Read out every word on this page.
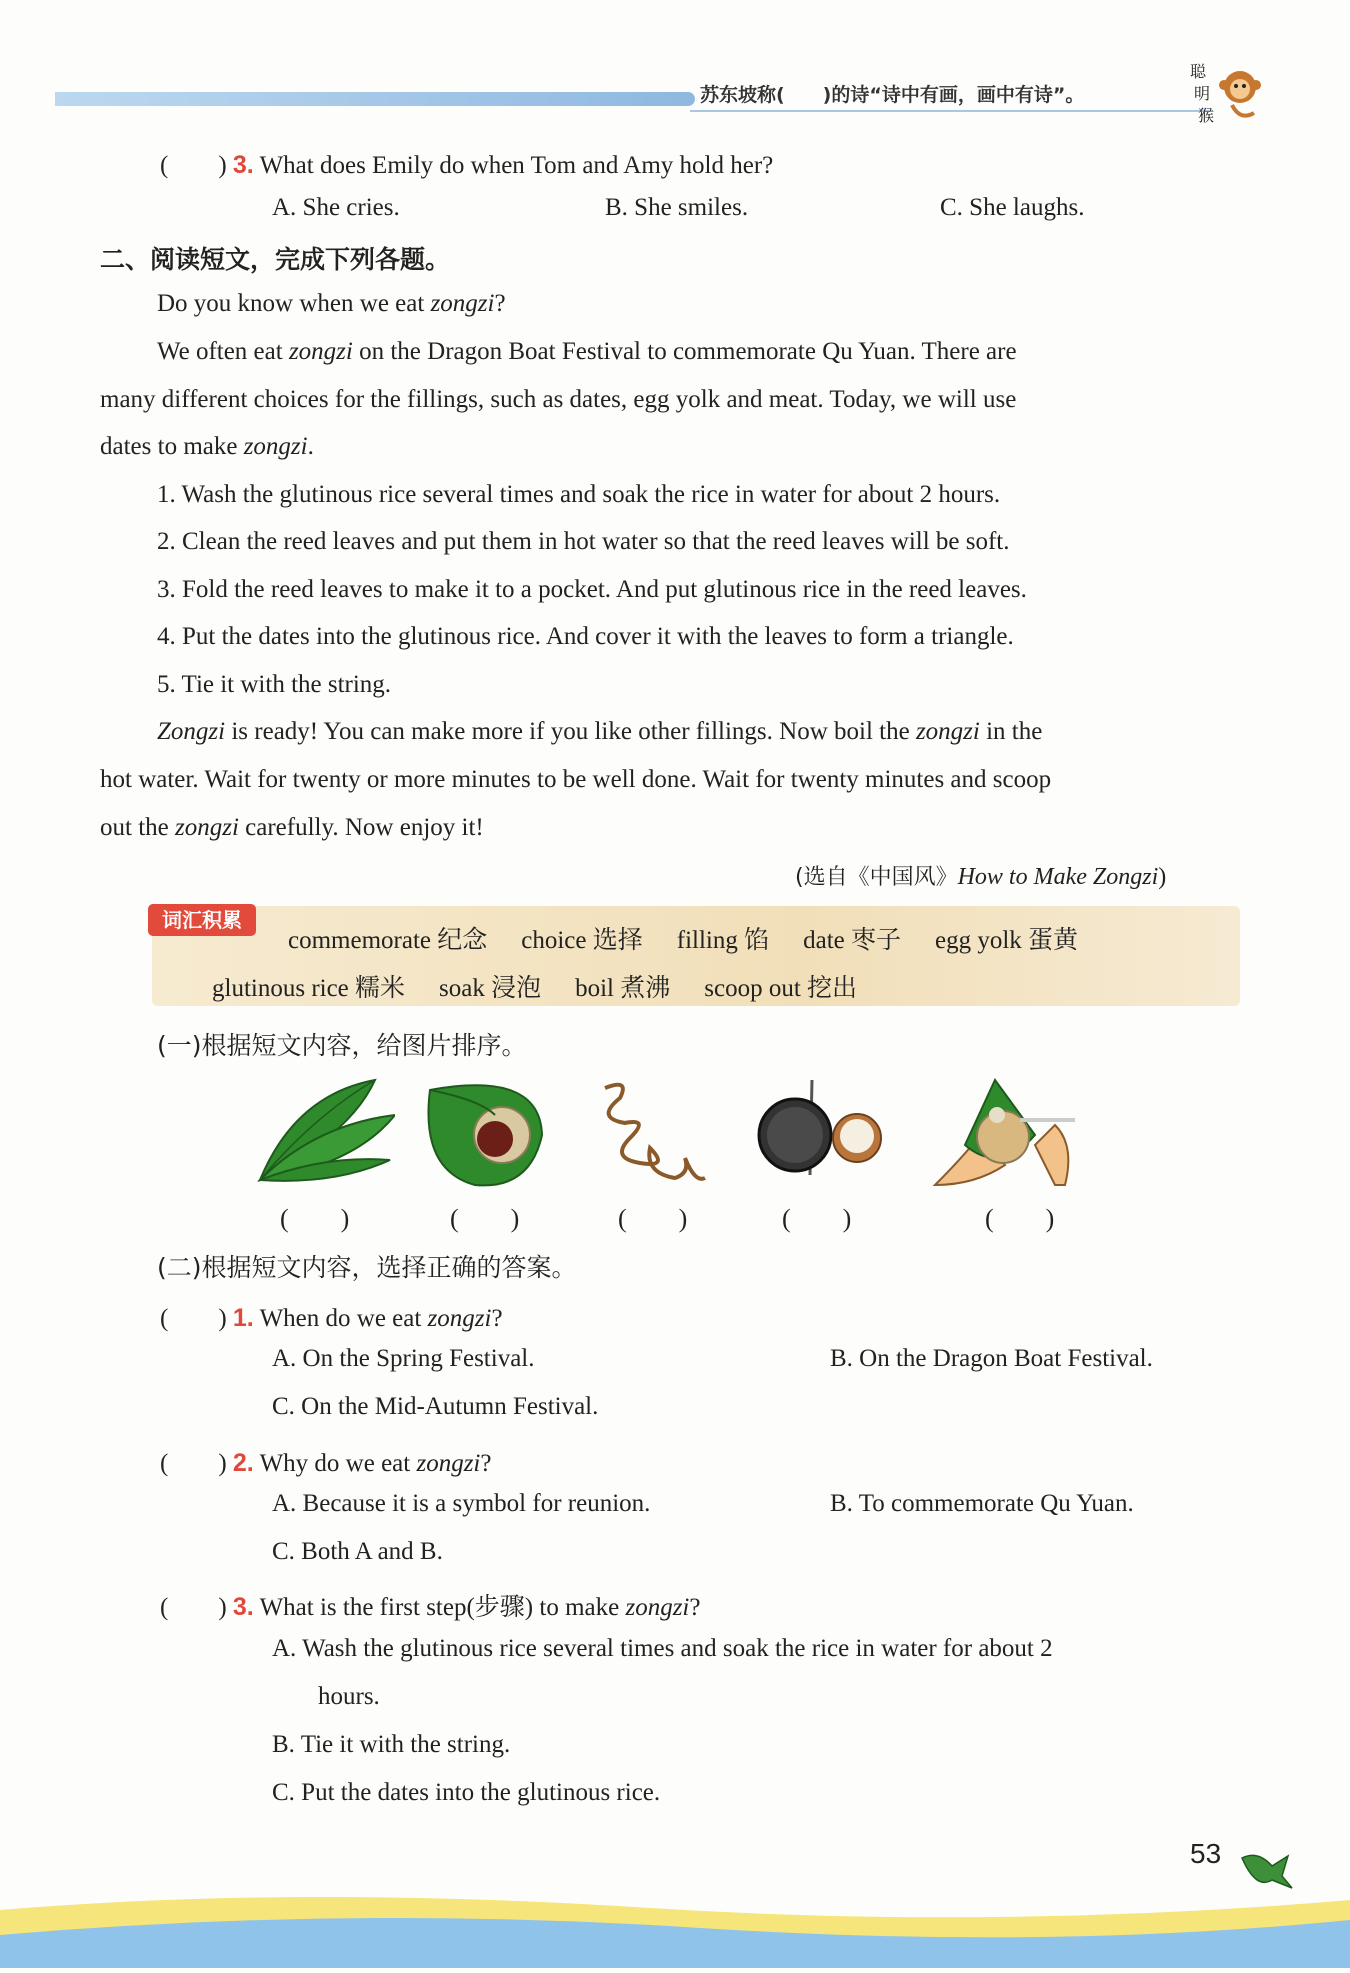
苏东坡称(　　)的诗“诗中有画，画中有诗”。
聪
明
猴
(　　) 3. What does Emily do when Tom and Amy hold her?
A. She cries.	B. She smiles.	C. She laughs.
二、阅读短文，完成下列各题。
Do you know when we eat zongzi?
We often eat zongzi on the Dragon Boat Festival to commemorate Qu Yuan. There are
many different choices for the fillings, such as dates, egg yolk and meat. Today, we will use
dates to make zongzi.
1. Wash the glutinous rice several times and soak the rice in water for about 2 hours.
2. Clean the reed leaves and put them in hot water so that the reed leaves will be soft.
3. Fold the reed leaves to make it to a pocket. And put glutinous rice in the reed leaves.
4. Put the dates into the glutinous rice. And cover it with the leaves to form a triangle.
5. Tie it with the string.
Zongzi is ready! You can make more if you like other fillings. Now boil the zongzi in the
hot water. Wait for twenty or more minutes to be well done. Wait for twenty minutes and scoop
out the zongzi carefully. Now enjoy it!
(选自《中国风》How to Make Zongzi)
词汇积累
commemorate 纪念 choice 选择 filling 馅 date 枣子 egg yolk 蛋黄
glutinous rice 糯米 soak 浸泡 boil 煮沸 scoop out 挖出
(一)根据短文内容，给图片排序。
(　　)	(　　)	(　　)	(　　)	(　　)
(二)根据短文内容，选择正确的答案。
(　　) 1. When do we eat zongzi?
A. On the Spring Festival.	B. On the Dragon Boat Festival.
C. On the Mid-Autumn Festival.
(　　) 2. Why do we eat zongzi?
A. Because it is a symbol for reunion.	B. To commemorate Qu Yuan.
C. Both A and B.
(　　) 3. What is the first step(步骤) to make zongzi?
A. Wash the glutinous rice several times and soak the rice in water for about 2
hours.
B. Tie it with the string.
C. Put the dates into the glutinous rice.
53
